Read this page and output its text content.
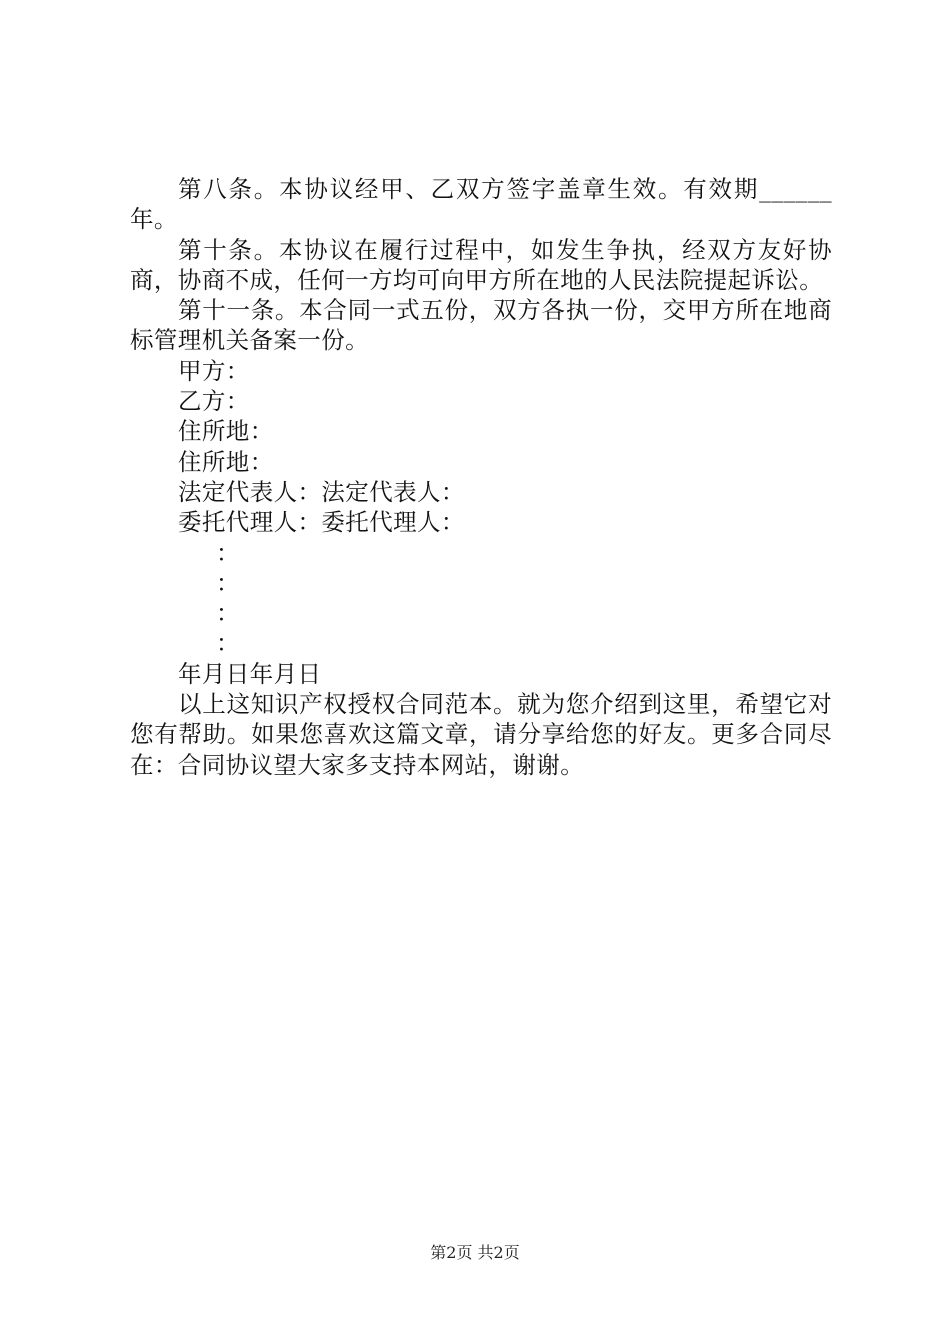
第八条。本协议经甲、乙双方签字盖章生效。有效期______年。

第十条。本协议在履行过程中，如发生争执，经双方友好协商，协商不成，任何一方均可向甲方所在地的人民法院提起诉讼。

第十一条。本合同一式五份，双方各执一份，交甲方所在地商标管理机关备案一份。

甲方：

乙方：

住所地：

住所地：

法定代表人：法定代表人：

委托代理人：委托代理人：

：

：

：

：

年月日年月日

以上这知识产权授权合同范本。就为您介绍到这里，希望它对您有帮助。如果您喜欢这篇文章，请分享给您的好友。更多合同尽在：合同协议望大家多支持本网站，谢谢。

第2页 共2页
